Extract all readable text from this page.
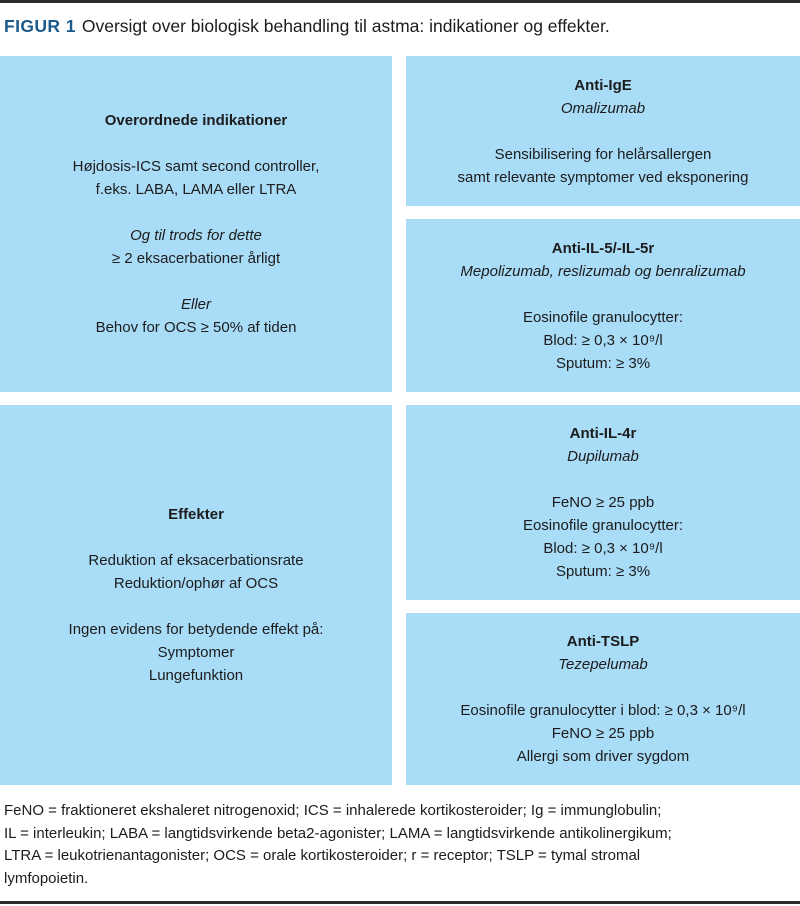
FIGUR 1 Oversigt over biologisk behandling til astma: indikationer og effekter.

Overordnede indikationer

Højdosis-ICS samt second controller,

f.eks. LABA, LAMA eller LTRA

Og til trods for dette

≥ 2 eksacerbationer årligt

Eller

Behov for OCS ≥ 50% af tiden

Effekter

Reduktion af eksacerbationsrate

Reduktion/ophør af OCS

Ingen evidens for betydende effekt på:

Symptomer

Lungefunktion

Anti-IgE

Omalizumab

Sensibilisering for helårsallergen

samt relevante symptomer ved eksponering

Anti-IL-5/-IL-5r

Mepolizumab, reslizumab og benralizumab

Eosinofile granulocytter:

Blod: ≥ 0,3 × 10⁹/l

Sputum: ≥ 3%

Anti-IL-4r

Dupilumab

FeNO ≥ 25 ppb

Eosinofile granulocytter:

Blod: ≥ 0,3 × 10⁹/l

Sputum: ≥ 3%

Anti-TSLP

Tezepelumab

Eosinofile granulocytter i blod: ≥ 0,3 × 10⁹/l

FeNO ≥ 25 ppb

Allergi som driver sygdom

FeNO = fraktioneret ekshaleret nitrogenoxid; ICS = inhalerede kortikosteroider; Ig = immunglobulin;
IL = interleukin; LABA = langtidsvirkende beta2-agonister; LAMA = langtidsvirkende antikolinergikum;
LTRA = leukotrienantagonister; OCS = orale kortikosteroider; r = receptor; TSLP = tymal stromal
lymfopoietin.
